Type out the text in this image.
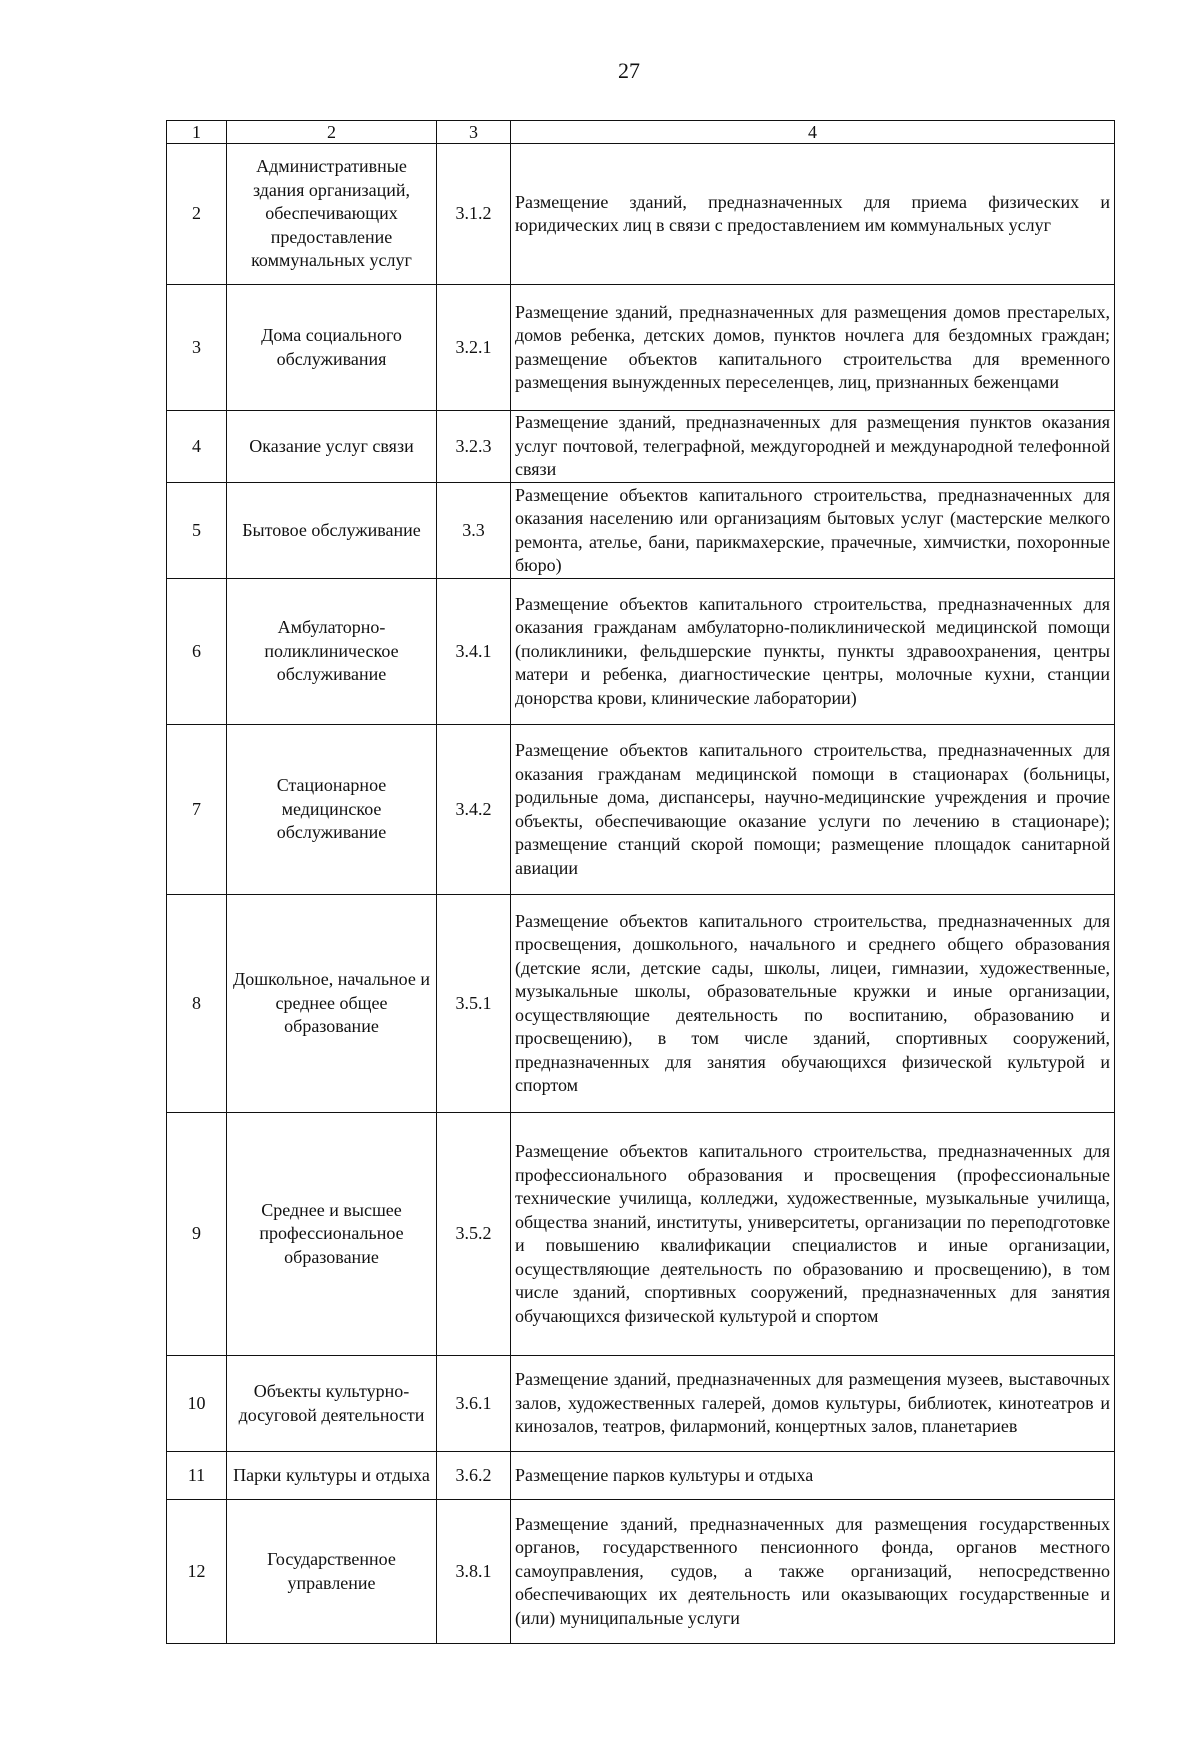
27
1	2	3	4
2	Административные здания организаций, обеспечивающих предоставление коммунальных услуг	3.1.2	Размещение зданий, предназначенных для приема физических и юридических лиц в связи с предоставлением им коммунальных услуг
3	Дома социального обслуживания	3.2.1	Размещение зданий, предназначенных для размещения домов престарелых, домов ребенка, детских домов, пунктов ночлега для бездомных граждан; размещение объектов капитального строительства для временного размещения вынужденных переселенцев, лиц, признанных беженцами
4	Оказание услуг связи	3.2.3	Размещение зданий, предназначенных для размещения пунктов оказания услуг почтовой, телеграфной, междугородней и международной телефонной связи
5	Бытовое обслуживание	3.3	Размещение объектов капитального строительства, предназначенных для оказания населению или организациям бытовых услуг (мастерские мелкого ремонта, ателье, бани, парикмахерские, прачечные, химчистки, похоронные бюро)
6	Амбулаторно-поликлиническое обслуживание	3.4.1	Размещение объектов капитального строительства, предназначенных для оказания гражданам амбулаторно-поликлинической медицинской помощи (поликлиники, фельдшерские пункты, пункты здравоохранения, центры матери и ребенка, диагностические центры, молочные кухни, станции донорства крови, клинические лаборатории)
7	Стационарное медицинское обслуживание	3.4.2	Размещение объектов капитального строительства, предназначенных для оказания гражданам медицинской помощи в стационарах (больницы, родильные дома, диспансеры, научно-медицинские учреждения и прочие объекты, обеспечивающие оказание услуги по лечению в стационаре); размещение станций скорой помощи; размещение площадок санитарной авиации
8	Дошкольное, начальное и среднее общее образование	3.5.1	Размещение объектов капитального строительства, предназначенных для просвещения, дошкольного, начального и среднего общего образования (детские ясли, детские сады, школы, лицеи, гимназии, художественные, музыкальные школы, образовательные кружки и иные организации, осуществляющие деятельность по воспитанию, образованию и просвещению), в том числе зданий, спортивных сооружений, предназначенных для занятия обучающихся физической культурой и спортом
9	Среднее и высшее профессиональное образование	3.5.2	Размещение объектов капитального строительства, предназначенных для профессионального образования и просвещения (профессиональные технические училища, колледжи, художественные, музыкальные училища, общества знаний, институты, университеты, организации по переподготовке и повышению квалификации специалистов и иные организации, осуществляющие деятельность по образованию и просвещению), в том числе зданий, спортивных сооружений, предназначенных для занятия обучающихся физической культурой и спортом
10	Объекты культурно-досуговой деятельности	3.6.1	Размещение зданий, предназначенных для размещения музеев, выставочных залов, художественных галерей, домов культуры, библиотек, кинотеатров и кинозалов, театров, филармоний, концертных залов, планетариев
11	Парки культуры и отдыха	3.6.2	Размещение парков культуры и отдыха
12	Государственное управление	3.8.1	Размещение зданий, предназначенных для размещения государственных органов, государственного пенсионного фонда, органов местного самоуправления, судов, а также организаций, непосредственно обеспечивающих их деятельность или оказывающих государственные и (или) муниципальные услуги
